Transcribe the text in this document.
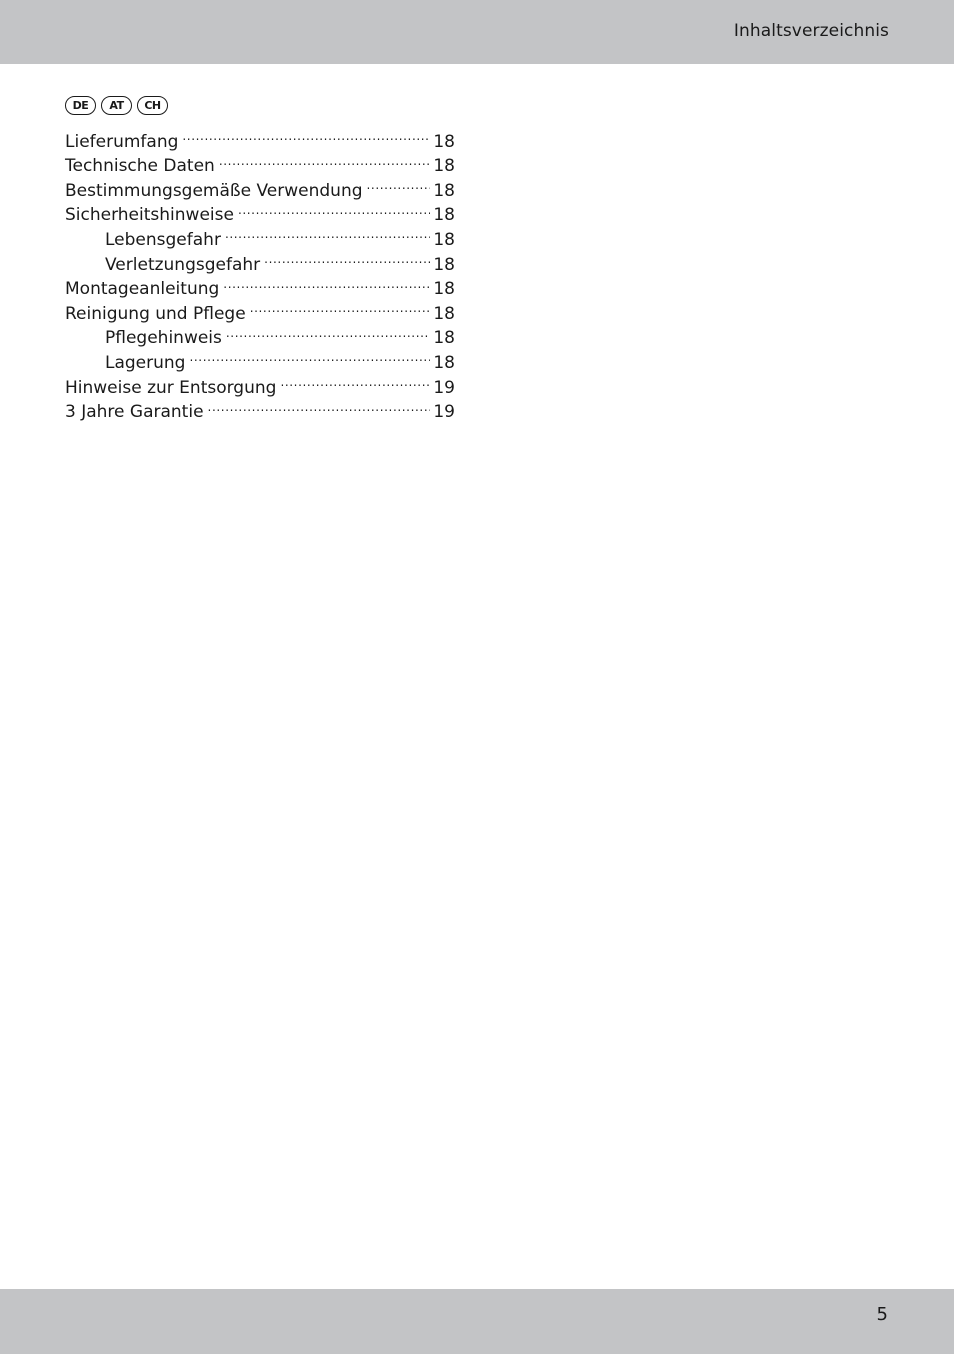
Inhaltsverzeichnis
DE	AT	CH
Lieferumfang .....	18
Technische Daten .....	18
Bestimmungsgemäße Verwendung .....	18
Sicherheitshinweise .....	18
Lebensgefahr .....	18
Verletzungsgefahr .....	18
Montageanleitung .....	18
Reinigung und Pflege .....	18
Pflegehinweis .....	18
Lagerung .....	18
Hinweise zur Entsorgung .....	19
3 Jahre Garantie .....	19
5
